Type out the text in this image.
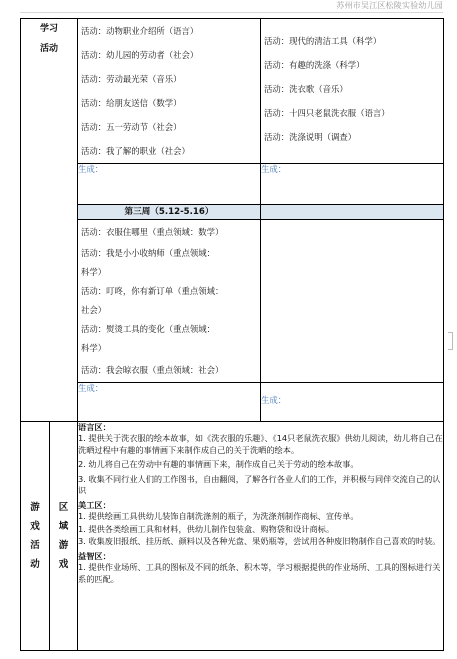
苏州市吴江区松陵实验幼儿园
学习
活动

活动：动物职业介绍所（语言）
活动：幼儿园的劳动者（社会）
活动：劳动最光荣（音乐）
活动：给朋友送信（数学）
活动：五一劳动节（社会）
活动：我了解的职业（社会）

活动：现代的清洁工具（科学）
活动：有趣的洗涤（科学）
活动：洗衣歌（音乐）
活动：十四只老鼠洗衣服（语言）
活动：洗涤说明（调查）

生成：	生成：
第三周（5.12-5.16）	

活动：衣服住哪里（重点领域：数学）
活动：我是小小收纳师（重点领域：
科学）
活动：叮咚，你有新订单（重点领域：
社会）
活动：熨烫工具的变化（重点领域：
科学）
活动：我会晾衣服（重点领域：社会）

生成：	生成：

游
戏
活
动

区
域
游
戏

语言区：
1. 提供关于洗衣服的绘本故事，如《洗衣服的乐趣》、《14只老鼠洗衣服》供幼儿阅读，幼儿将自己在洗晒过程中有趣的事情画下来制作成自己的关于洗晒的绘本。
2. 幼儿将自己在劳动中有趣的事情画下来，制作成自己关于劳动的绘本故事。
3. 收集不同行业人们的工作图书，自由翻阅，了解各行各业人们的工作，并积极与同伴交流自己的认识
美工区：
1. 提供绘画工具供幼儿装饰自制洗涤剂的瓶子，为洗涤剂制作商标、宣传单。
1. 提供各类绘画工具和材料，供幼儿制作包装盒、购物袋和设计商标。
3. 收集废旧报纸、挂历纸、颜料以及各种光盘、果奶瓶等，尝试用各种废旧物制作自己喜欢的时装。
益智区：
1. 提供作业场所、工具的图标及不同的纸条、积木等，学习根据提供的作业场所、工具的图标进行关系的匹配。
